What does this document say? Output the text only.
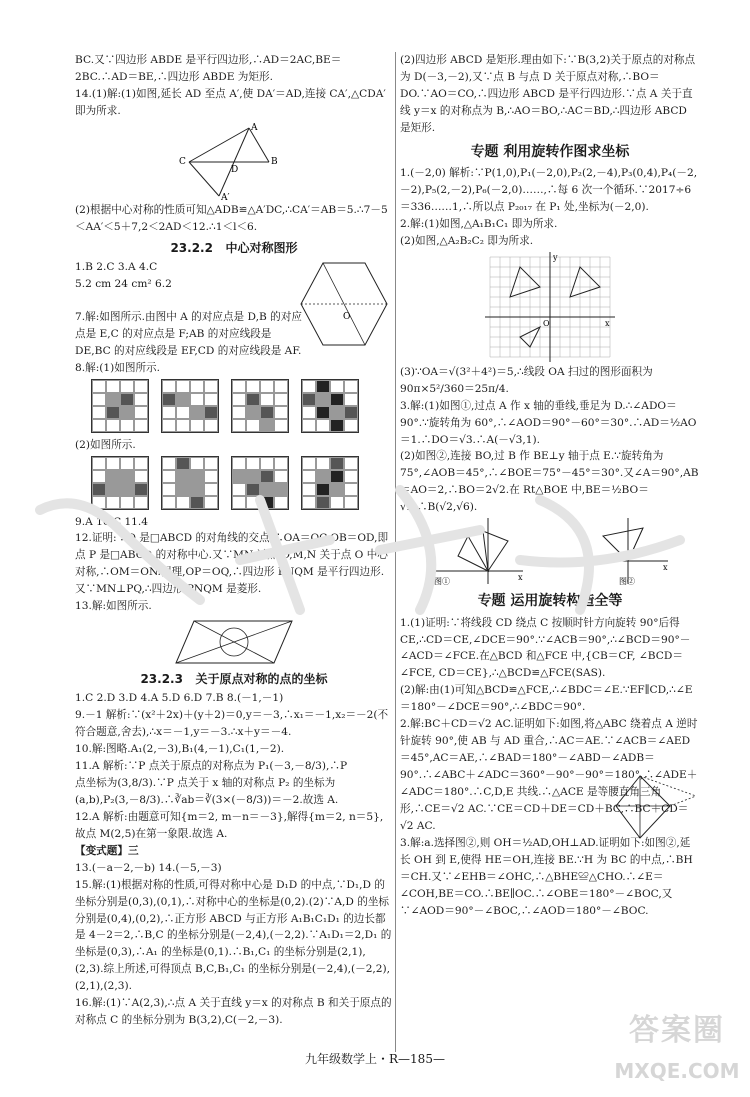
BC.又∵四边形 ABDE 是平行四边形,∴AD＝2AC,BE＝2BC.∴AD＝BE,∴四边形 ABDE 为矩形.

14.(1)解:(1)如图,延长 AD 至点 A′,使 DA′＝AD,连接 CA′,△CDA′即为所求.

A
C	B
D
A′

(2)根据中心对称的性质可知△ADB≌△A′DC,∴CA′＝AB＝5.∴7－5＜AA′＜5＋7,2＜2AD＜12.∴1＜l＜6.

23.2.2 中心对称图形

1.B 2.C 3.A 4.C

5.2 cm 24 cm² 6.2

O

7.解:如图所示.由图中 A 的对应点是 D,B 的对应点是 E,C 的对应点是 F;AB 的对应线段是 DE,BC 的对应线段是 EF,CD 的对应线段是 AF.

8.解:(1)如图所示.

(2)如图所示.

9.A 10.C 11.4

12.证明:∵O 是□ABCD 的对角线的交点,∴OA＝OC,OB＝OD,即点 P 是□ABCD 的对称中心.又∵MN 过点 O,M,N 关于点 O 中心对称,∴OM＝ON.同理,OP＝OQ,∴四边形 PNQM 是平行四边形.又∵MN⊥PQ,∴四边形 PNQM 是菱形.

13.解:如图所示.

23.2.3 关于原点对称的点的坐标

1.C 2.D 3.D 4.A 5.D 6.D 7.B 8.(－1,－1)

9.－1 解析:∵(x²＋2x)＋(y＋2)＝0,y＝－3,∴x₁＝－1,x₂＝－2(不符合题意,舍去),∴x＝－1,y＝－3.∴x＋y＝－4.

10.解:图略.A₁(2,－3),B₁(4,－1),C₁(1,－2).

11.A 解析:∵P 点关于原点的对称点为 P₁(－3,－8/3),∴P

点坐标为(3,8/3).∵P 点关于 x 轴的对称点 P₂ 的坐标为

(a,b),P₂(3,－8/3).∴∛ab＝∛(3×(－8/3))＝－2.故选 A.

12.A 解析:由题意可知{m＝2, m－n＝－3},解得{m＝2, n＝5},故点 M(2,5)在第一象限.故选 A.

【变式题】三

13.(－a－2,－b) 14.(－5,－3)

15.解:(1)根据对称的性质,可得对称中心是 D₁D 的中点,∵D₁,D 的坐标分别是(0,3),(0,1),∴对称中心的坐标是(0,2).(2)∵A,D 的坐标分别是(0,4),(0,2),∴正方形 ABCD 与正方形 A₁B₁C₁D₁ 的边长都是 4－2＝2,∴B,C 的坐标分别是(－2,4),(－2,2).∵A₁D₁＝2,D₁ 的坐标是(0,3),∴A₁ 的坐标是(0,1).∴B₁,C₁ 的坐标分别是(2,1),(2,3).综上所述,可得顶点 B,C,B₁,C₁ 的坐标分别是(－2,4),(－2,2),(2,1),(2,3).

16.解:(1)∵A(2,3),∴点 A 关于直线 y＝x 的对称点 B 和关于原点的对称点 C 的坐标分别为 B(3,2),C(－2,－3).

(2)四边形 ABCD 是矩形.理由如下:∵B(3,2)关于原点的对称点为 D(－3,－2),又∵点 B 与点 D 关于原点对称,∴BO＝DO.∵AO＝CO,∴四边形 ABCD 是平行四边形.∵点 A 关于直线 y＝x 的对称点为 B,∴AO＝BO,∴AC＝BD,∴四边形 ABCD 是矩形.

专题 利用旋转作图求坐标

1.(－2,0) 解析:∵P(1,0),P₁(－2,0),P₂(2,－4),P₃(0,4),P₄(－2,－2),P₅(2,－2),P₆(－2,0)……,∴每 6 次一个循环.∵2017÷6＝336……1,∴所以点 P₂₀₁₇ 在 P₁ 处,坐标为(－2,0).

2.解:(1)如图,△A₁B₁C₁ 即为所求.

(2)如图,△A₂B₂C₂ 即为所求.

x
y
O

(3)∵OA＝√(3²＋4²)＝5,∴线段 OA 扫过的图形面积为 90π×5²/360＝25π/4.

3.解:(1)如图①,过点 A 作 x 轴的垂线,垂足为 D.∴∠ADO＝90°.∵旋转角为 60°,∴∠AOD＝90°－60°＝30°.∴AD＝½AO＝1.∴DO＝√3.∴A(－√3,1).

(2)如图②,连接 BO,过 B 作 BE⊥y 轴于点 E.∵旋转角为 75°,∠AOB＝45°,∴∠BOE＝75°－45°＝30°.又∠A＝90°,AB＝AO＝2,∴BO＝2√2.在 Rt△BOE 中,BE＝½BO＝√2,∴B(√2,√6).

x
图①
x
图②
专题 运用旋转构造全等

1.(1)证明:∵将线段 CD 绕点 C 按顺时针方向旋转 90°后得 CE,∴CD＝CE,∠DCE＝90°.∵∠ACB＝90°,∴∠BCD＝90°－∠ACD＝∠FCE.在△BCD 和△FCE 中,{CB＝CF, ∠BCD＝∠FCE, CD＝CE},∴△BCD≌△FCE(SAS).

(2)解:由(1)可知△BCD≌△FCE,∴∠BDC＝∠E.∵EF∥CD,∴∠E＝180°－∠DCE＝90°,∴∠BDC＝90°.

2.解:BC＋CD＝√2 AC.证明如下:如图,将△ABC 绕着点 A 逆时针旋转 90°,使 AB 与 AD 重合,∴AC＝AE.∵∠ACB＝∠AED＝45°,AC＝AE,∴∠BAD＝180°－∠ABD－∠ADB＝90°.∴∠ABC＋∠ADC＝360°－90°－90°＝180°,∴∠ADE＋∠ADC＝180°.∴C,D,E 共线.∴△ACE 是等腰直角三角形,∴CE＝√2 AC.∵CE＝CD＋DE＝CD＋BC,∴BC＋CD＝√2 AC.

3.解:a.选择图②,则 OH＝½AD,OH⊥AD.证明如下:如图②,延长 OH 到 E,使得 HE＝OH,连接 BE.∵H 为 BC 的中点,∴BH＝CH.又∵∠EHB＝∠OHC,∴△BHE≌△CHO.∴∠E＝∠COH,BE＝CO.∴BE∥OC.∴∠OBE＝180°－∠BOC,又∵∠AOD＝90°－∠BOC,∴∠AOD＝180°－∠BOC.

九年级数学上・R—185—
答案圈
MXQE.COM
